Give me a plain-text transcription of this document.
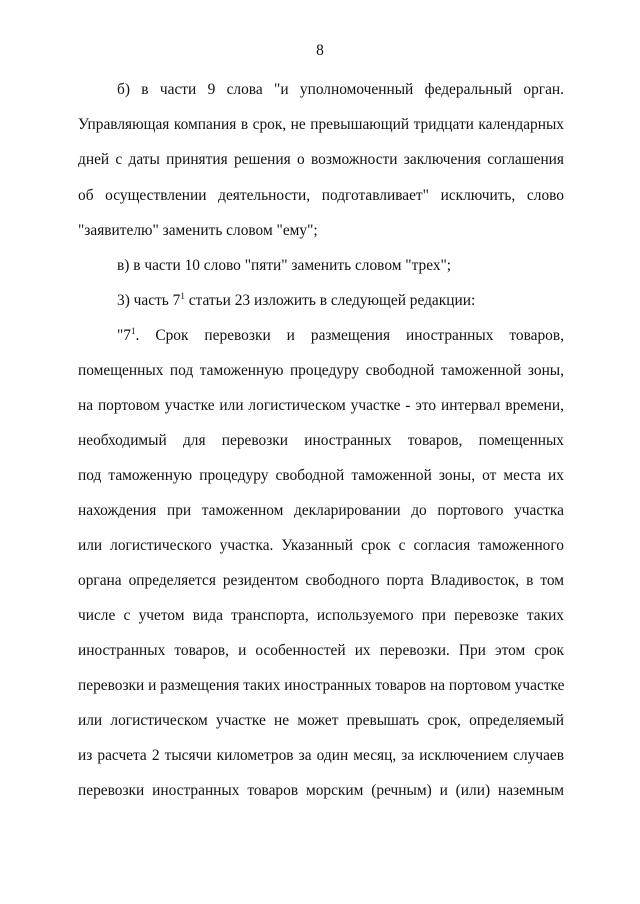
8
б) в части 9 слова "и уполномоченный федеральный орган.
Управляющая компания в срок, не превышающий тридцати календарных
дней с даты принятия решения о возможности заключения соглашения
об осуществлении деятельности, подготавливает" исключить, слово
"заявителю" заменить словом "ему";
в) в части 10 слово "пяти" заменить словом "трех";
3) часть $7^1$ статьи 23 изложить в следующей редакции:
"$7^1$. Срок перевозки и размещения иностранных товаров,
помещенных под таможенную процедуру свободной таможенной зоны,
на портовом участке или логистическом участке - это интервал времени,
необходимый для перевозки иностранных товаров, помещенных
под таможенную процедуру свободной таможенной зоны, от места их
нахождения при таможенном декларировании до портового участка
или логистического участка. Указанный срок с согласия таможенного
органа определяется резидентом свободного порта Владивосток, в том
числе с учетом вида транспорта, используемого при перевозке таких
иностранных товаров, и особенностей их перевозки. При этом срок
перевозки и размещения таких иностранных товаров на портовом участке
или логистическом участке не может превышать срок, определяемый
из расчета 2 тысячи километров за один месяц, за исключением случаев
перевозки иностранных товаров морским (речным) и (или) наземным
